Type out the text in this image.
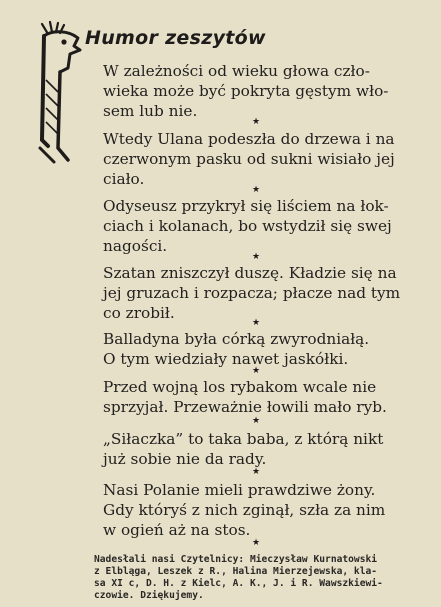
Humor zeszytów

W zależności od wieku głowa czło-
wieka może być pokryta gęstym wło-
sem lub nie.

★

Wtedy Ulana podeszła do drzewa i na
czerwonym pasku od sukni wisiało jej
ciało.

★

Odyseusz przykrył się liściem na łok-
ciach i kolanach, bo wstydził się swej
nagości.

★

Szatan zniszczył duszę. Kładzie się na
jej gruzach i rozpacza; płacze nad tym
co zrobił.

★

Balladyna była córką zwyrodniałą.
O tym wiedziały nawet jaskółki.

★

Przed wojną los rybakom wcale nie
sprzyjał. Przeważnie łowili mało ryb.

★

„Siłaczka” to taka baba, z którą nikt
już sobie nie da rady.

★

Nasi Polanie mieli prawdziwe żony.
Gdy któryś z nich zginął, szła za nim
w ogień aż na stos.

★

Nadesłali nasi Czytelnicy: Mieczysław Kurnatowski
z Elbląga, Leszek z R., Halina Mierzejewska, kla-
sa XI c, D. H. z Kielc, A. K., J. i R. Wawszkiewi-
czowie. Dziękujemy.
